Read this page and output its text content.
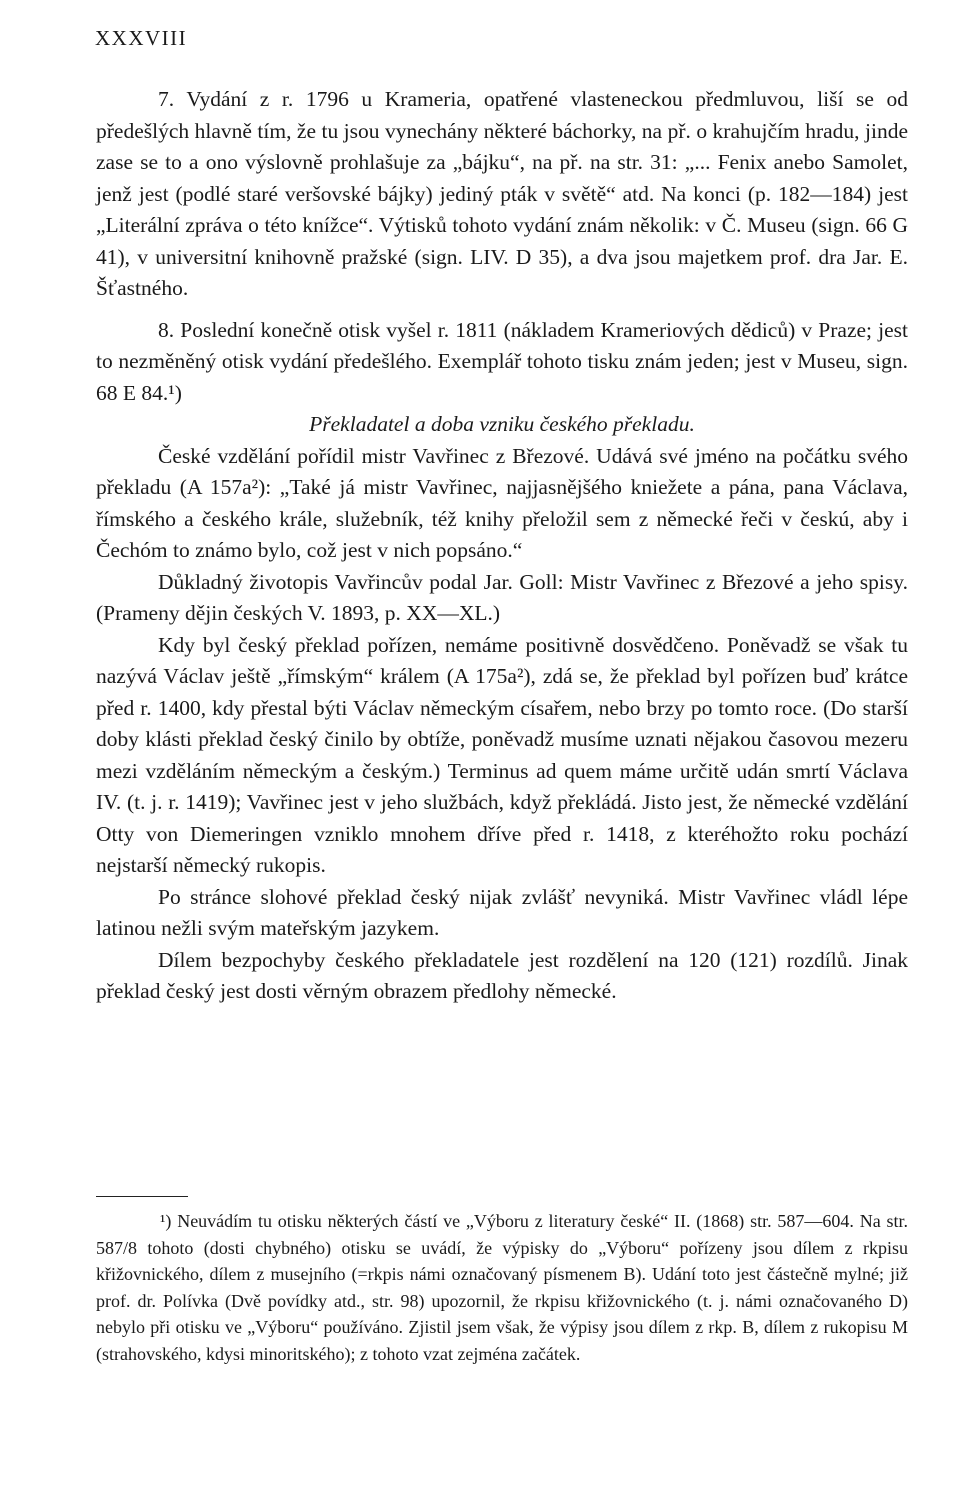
XXXVIII

7. Vydání z r. 1796 u Krameria, opatřené vlasteneckou předmluvou, liší se od předešlých hlavně tím, že tu jsou vynechány některé báchorky, na př. o krahujčím hradu, jinde zase se to a ono výslovně prohlašuje za „bájku“, na př. na str. 31: „... Fenix anebo Samolet, jenž jest (podlé staré veršovské bájky) jediný pták v světě“ atd. Na konci (p. 182—184) jest „Literální zpráva o této knížce“. Výtisků tohoto vydání znám několik: v Č. Museu (sign. 66 G 41), v universitní knihovně pražské (sign. LIV. D 35), a dva jsou majetkem prof. dra Jar. E. Šťastného.

8. Poslední konečně otisk vyšel r. 1811 (nákladem Krameriových dědiců) v Praze; jest to nezměněný otisk vydání předešlého. Exemplář tohoto tisku znám jeden; jest v Museu, sign. 68 E 84.¹)

Překladatel a doba vzniku českého překladu.

České vzdělání pořídil mistr Vavřinec z Březové. Udává své jméno na počátku svého překladu (A 157a²): „Také já mistr Vavřinec, najjasnějšého kniežete a pána, pana Václava, římského a českého krále, služebník, též knihy přeložil sem z německé řeči v českú, aby i Čechóm to známo bylo, což jest v nich popsáno.“

Důkladný životopis Vavřincův podal Jar. Goll: Mistr Vavřinec z Březové a jeho spisy. (Prameny dějin českých V. 1893, p. XX—XL.)

Kdy byl český překlad pořízen, nemáme positivně dosvědčeno. Poněvadž se však tu nazývá Václav ještě „římským“ králem (A 175a²), zdá se, že překlad byl pořízen buď krátce před r. 1400, kdy přestal býti Václav německým císařem, nebo brzy po tomto roce. (Do starší doby klásti překlad český činilo by obtíže, poněvadž musíme uznati nějakou časovou mezeru mezi vzděláním německým a českým.) Terminus ad quem máme určitě udán smrtí Václava IV. (t. j. r. 1419); Vavřinec jest v jeho službách, když překládá. Jisto jest, že německé vzdělání Otty von Diemeringen vzniklo mnohem dříve před r. 1418, z kteréhožto roku pochází nejstarší německý rukopis.

Po stránce slohové překlad český nijak zvlášť nevyniká. Mistr Vavřinec vládl lépe latinou nežli svým mateřským jazykem.

Dílem bezpochyby českého překladatele jest rozdělení na 120 (121) rozdílů. Jinak překlad český jest dosti věrným obrazem předlohy německé.

¹) Neuvádím tu otisku některých částí ve „Výboru z literatury české“ II. (1868) str. 587—604. Na str. 587/8 tohoto (dosti chybného) otisku se uvádí, že výpisky do „Výboru“ pořízeny jsou dílem z rkpisu křižovnického, dílem z musejního (=rkpis námi označovaný písmenem B). Udání toto jest částečně mylné; již prof. dr. Polívka (Dvě povídky atd., str. 98) upozornil, že rkpisu křižovnického (t. j. námi označovaného D) nebylo při otisku ve „Výboru“ používáno. Zjistil jsem však, že výpisy jsou dílem z rkp. B, dílem z rukopisu M (strahovského, kdysi minoritského); z tohoto vzat zejména začátek.
